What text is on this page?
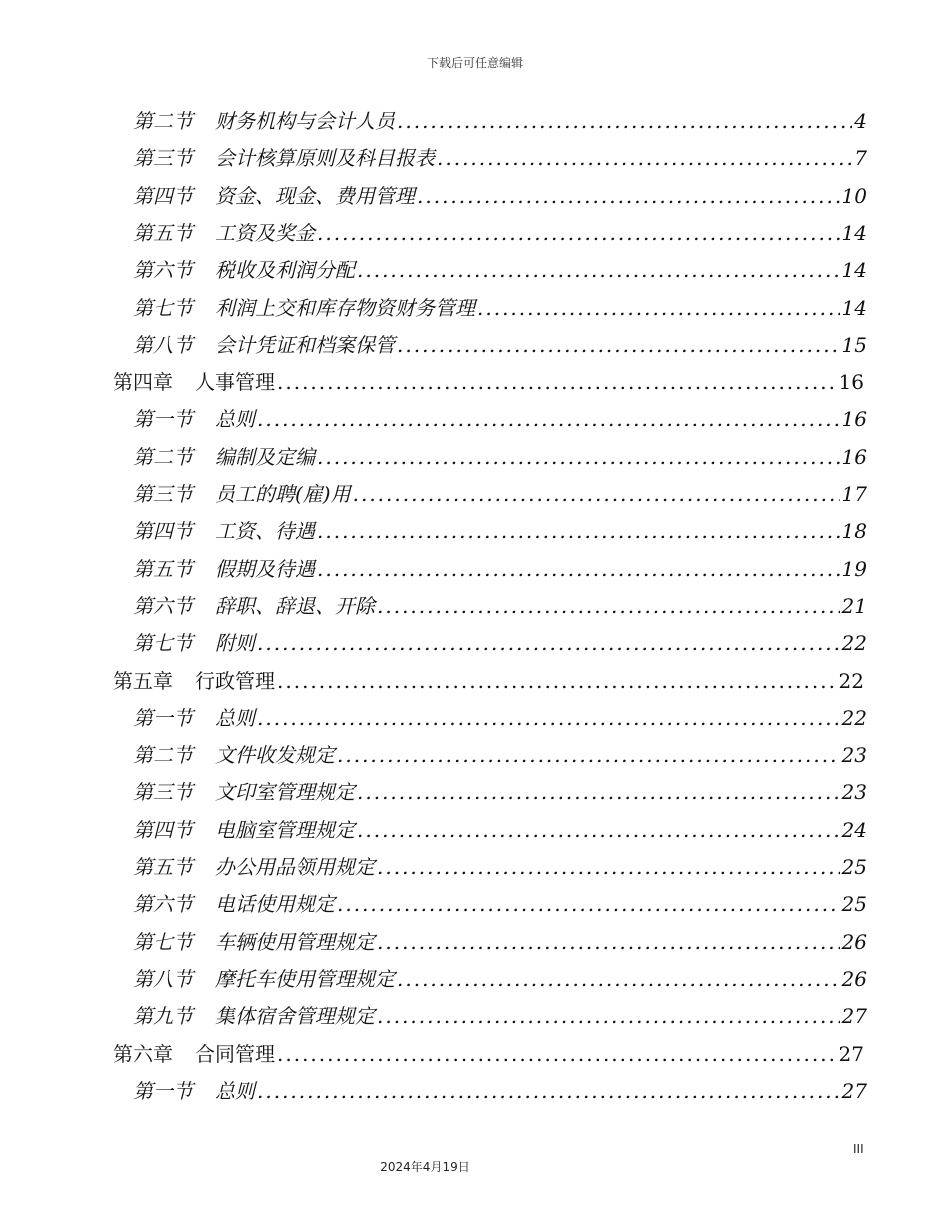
下载后可任意编辑
第二节 财务机构与会计人员 .....	4
第三节 会计核算原则及科目报表 .....	7
第四节 资金、现金、费用管理 .....	10
第五节 工资及奖金 .....	14
第六节 税收及利润分配 .....	14
第七节 利润上交和库存物资财务管理 .....	14
第八节 会计凭证和档案保管 .....	15
第四章 人事管理 .....	16
第一节 总则 .....	16
第二节 编制及定编 .....	16
第三节 员工的聘(雇)用 .....	17
第四节 工资、待遇 .....	18
第五节 假期及待遇 .....	19
第六节 辞职、辞退、开除 .....	21
第七节 附则 .....	22
第五章 行政管理 .....	22
第一节 总则 .....	22
第二节 文件收发规定 .....	23
第三节 文印室管理规定 .....	23
第四节 电脑室管理规定 .....	24
第五节 办公用品领用规定 .....	25
第六节 电话使用规定 .....	25
第七节 车辆使用管理规定 .....	26
第八节 摩托车使用管理规定 .....	26
第九节 集体宿舍管理规定 .....	27
第六章 合同管理 .....	27
第一节 总则 .....	27
III
2024年4月19日
